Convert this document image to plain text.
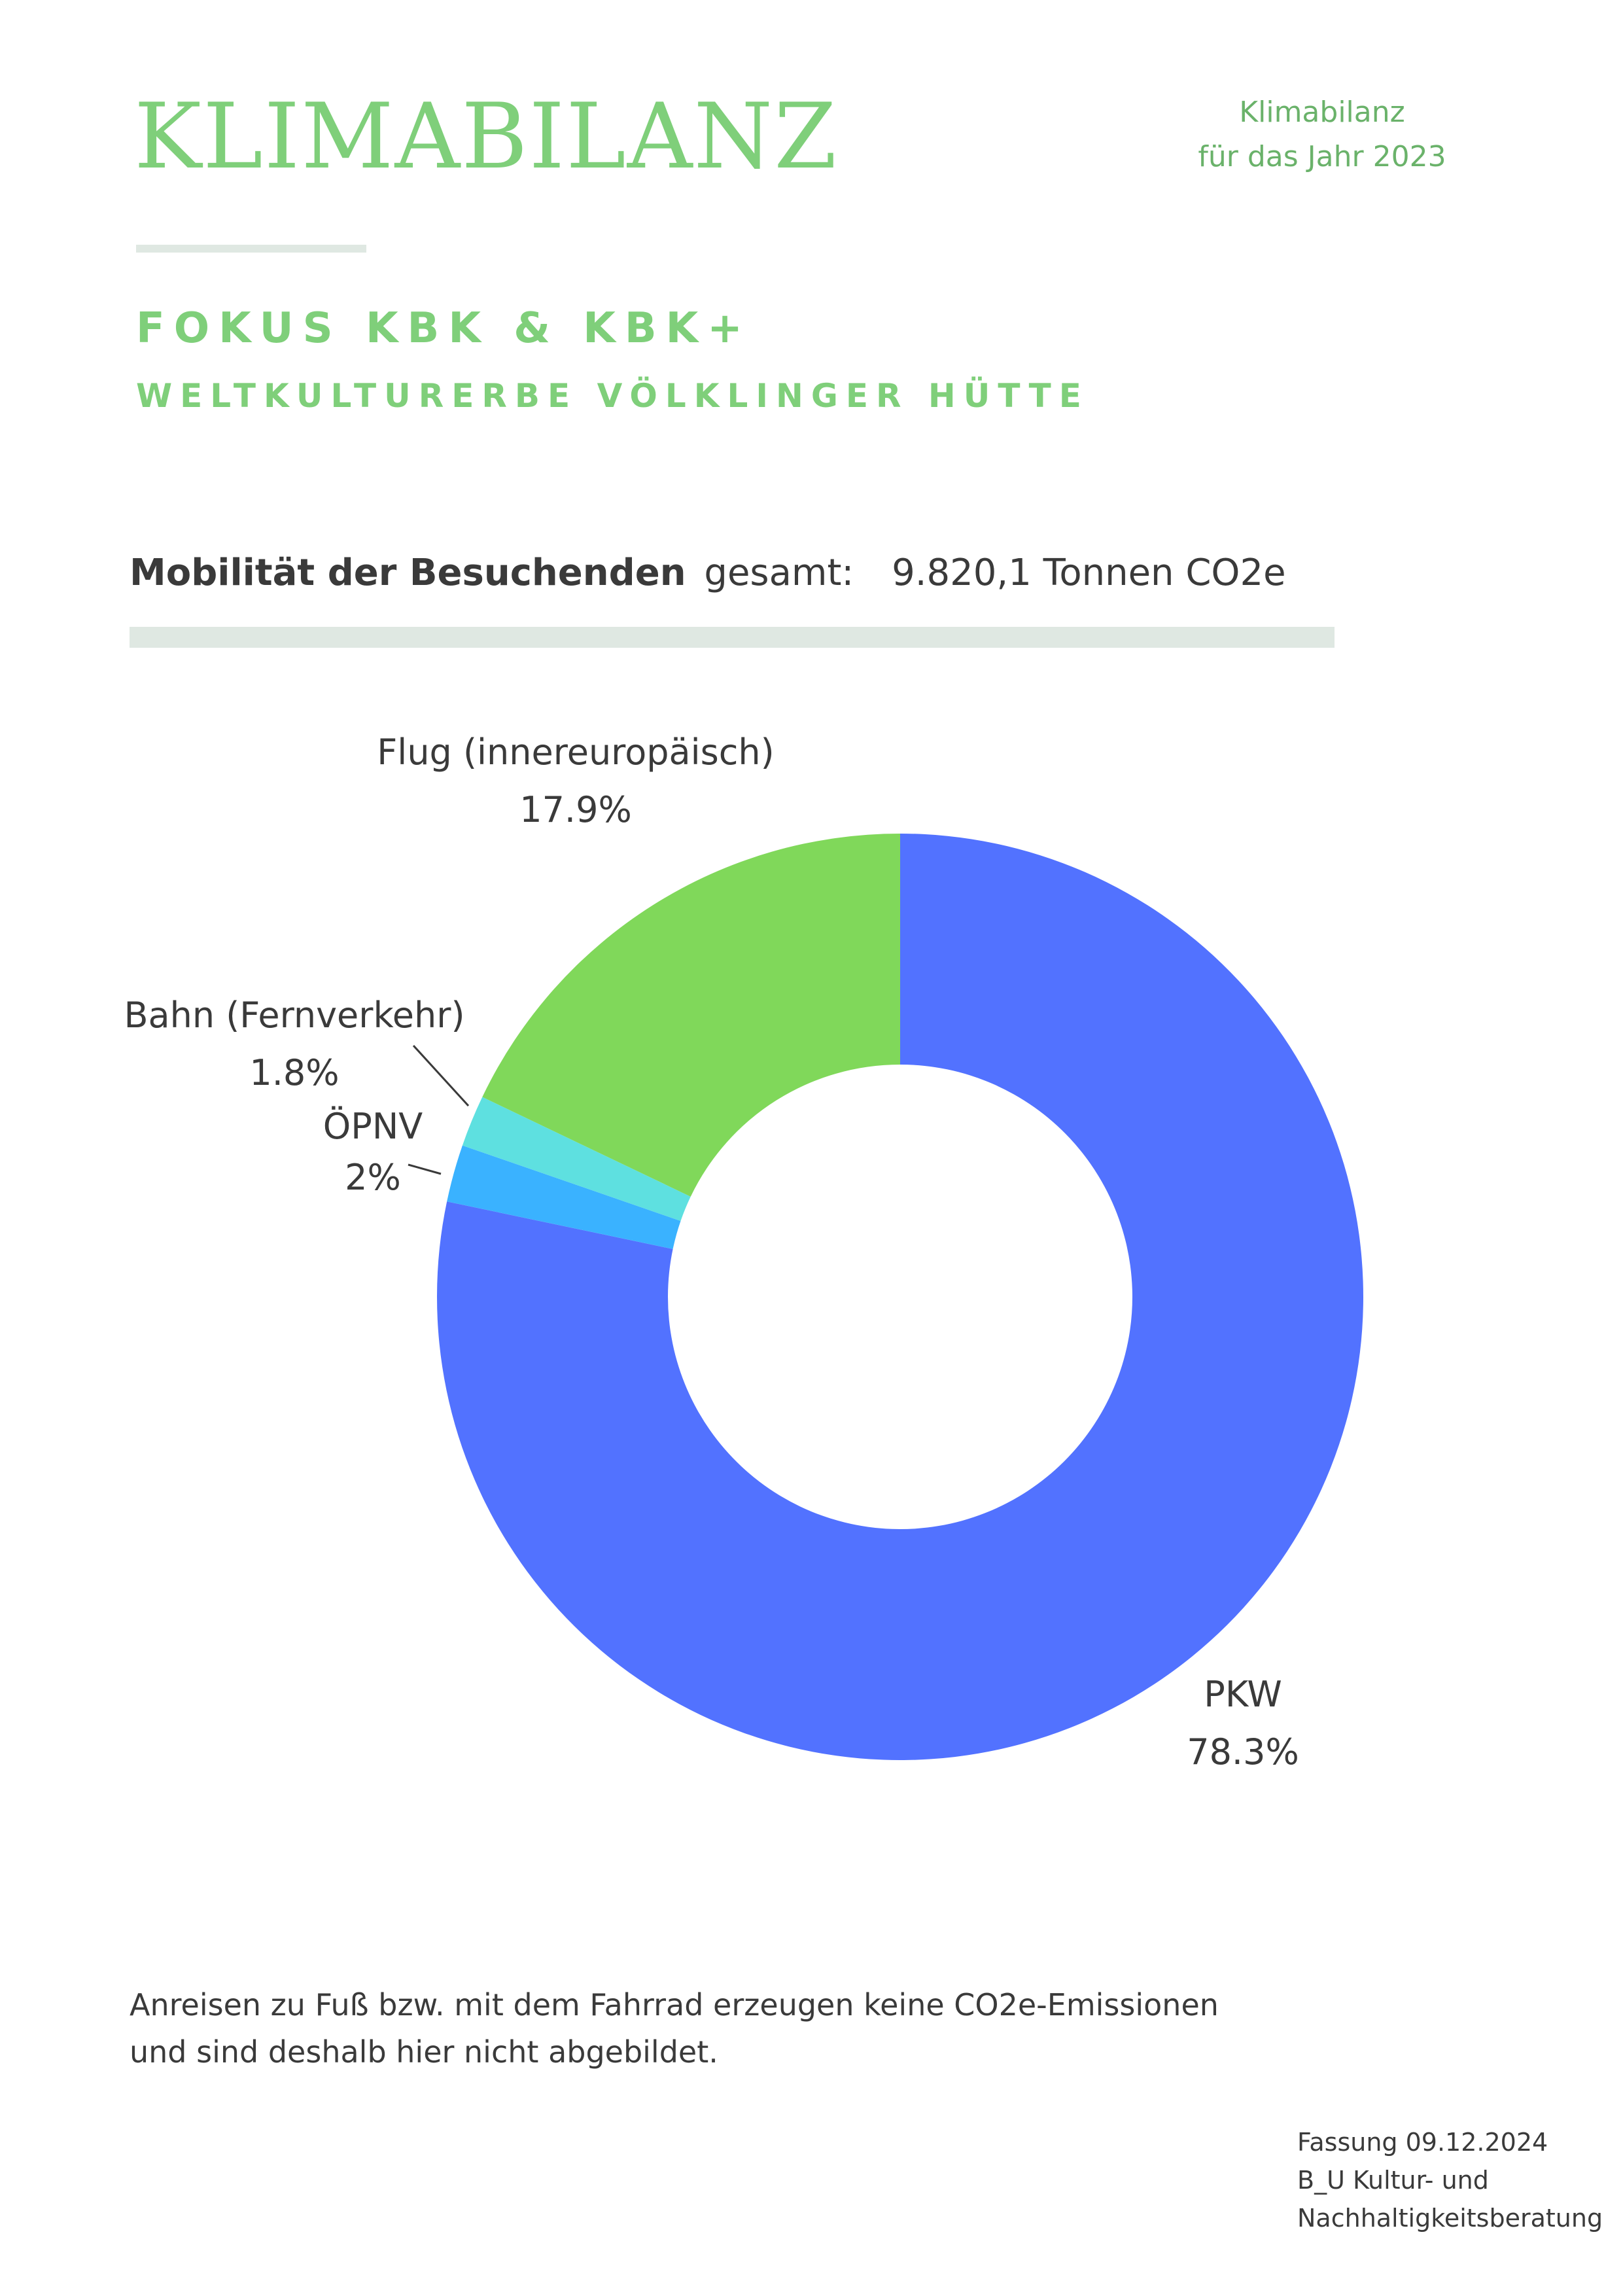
KLIMABILANZ	Klimabilanz
für das Jahr 2023
FOKUS KBK & KBK+
WELTKULTURERBE VÖLKLINGER HÜTTE
Mobilität der Besuchenden gesamt: 9.820,1 Tonnen CO2e
Flug (innereuropäisch)
17.9%
Bahn (Fernverkehr)
1.8%
ÖPNV
2%
PKW
78.3%
Anreisen zu Fuß bzw. mit dem Fahrrad erzeugen keine CO2e-Emissionen
und sind deshalb hier nicht abgebildet.
Fassung 09.12.2024
B_U Kultur- und
Nachhaltigkeitsberatung
